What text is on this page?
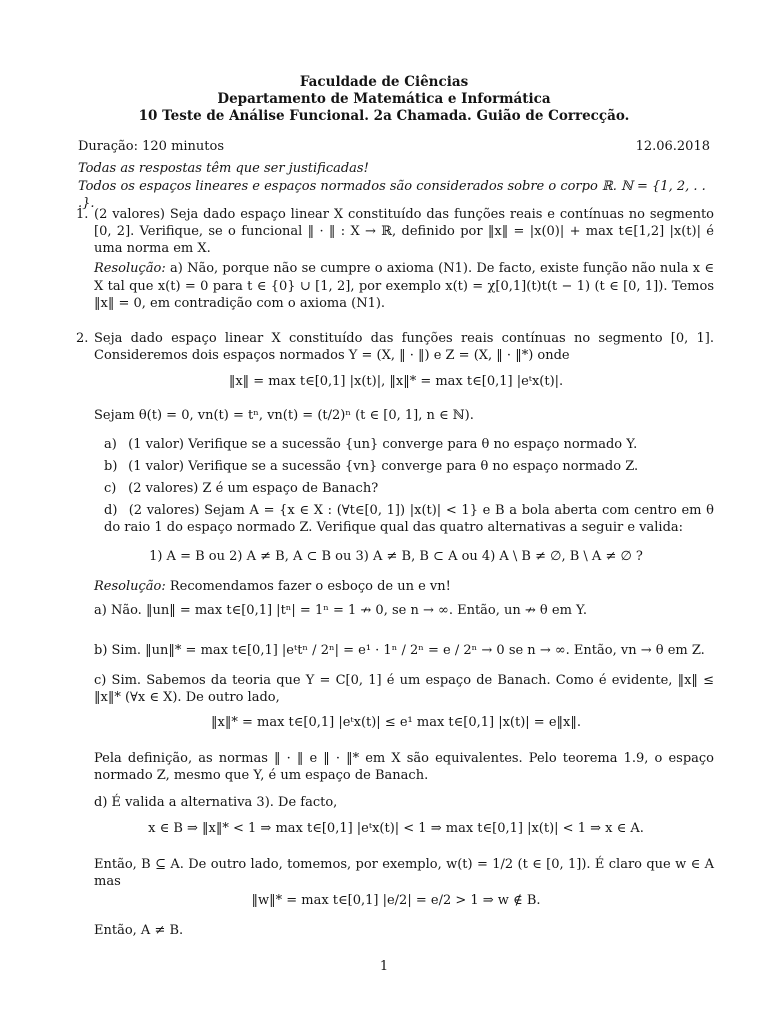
Faculdade de Ciências
Departamento de Matemática e Informática
10 Teste de Análise Funcional. 2a Chamada. Guião de Correcção.
Duração: 120 minutos	12.06.2018
Todas as respostas têm que ser justificadas!
Todos os espaços lineares e espaços normados são considerados sobre o corpo ℝ. ℕ = {1, 2, . . .}.
1. (2 valores) Seja dado espaço linear X constituído das funções reais e contínuas no segmento [0, 2]. Verifique, se o funcional ‖ · ‖ : X → ℝ, definido por ‖x‖ = |x(0)| + max t∈[1,2] |x(t)| é uma norma em X.
Resolução: a) Não, porque não se cumpre o axioma (N1). De facto, existe função não nula x ∈ X tal que x(t) = 0 para t ∈ {0} ∪ [1, 2], por exemplo x(t) = χ[0,1](t)t(t − 1) (t ∈ [0, 1]). Temos ‖x‖ = 0, em contradição com o axioma (N1).
2. Seja dado espaço linear X constituído das funções reais contínuas no segmento [0, 1]. Consideremos dois espaços normados Y = (X, ‖ · ‖) e Z = (X, ‖ · ‖*) onde
‖x‖ = max t∈[0,1] |x(t)|, ‖x‖* = max t∈[0,1] |eᵗx(t)|.
Sejam θ(t) = 0, vn(t) = tⁿ, vn(t) = (t/2)ⁿ (t ∈ [0, 1], n ∈ ℕ).
a) (1 valor) Verifique se a sucessão {un} converge para θ no espaço normado Y.
b) (1 valor) Verifique se a sucessão {vn} converge para θ no espaço normado Z.
c) (2 valores) Z é um espaço de Banach?
d) (2 valores) Sejam A = {x ∈ X : (∀t∈[0, 1]) |x(t)| < 1} e B a bola aberta com centro em θ do raio 1 do espaço normado Z. Verifique qual das quatro alternativas a seguir e valida:
1) A = B ou 2) A ≠ B, A ⊂ B ou 3) A ≠ B, B ⊂ A ou 4) A \ B ≠ ∅, B \ A ≠ ∅ ?
Resolução: Recomendamos fazer o esboço de un e vn!
a) Não. ‖un‖ = max t∈[0,1] |tⁿ| = 1ⁿ = 1 ↛ 0, se n → ∞. Então, un ↛ θ em Y.
b) Sim. ‖un‖* = max t∈[0,1] |eᵗtⁿ / 2ⁿ| = e¹ · 1ⁿ / 2ⁿ = e / 2ⁿ → 0 se n → ∞. Então, vn → θ em Z.
c) Sim. Sabemos da teoria que Y = C[0, 1] é um espaço de Banach. Como é evidente, ‖x‖ ≤ ‖x‖* (∀x ∈ X). De outro lado,
‖x‖* = max t∈[0,1] |eᵗx(t)| ≤ e¹ max t∈[0,1] |x(t)| = e‖x‖.
Pela definição, as normas ‖ · ‖ e ‖ · ‖* em X são equivalentes. Pelo teorema 1.9, o espaço normado Z, mesmo que Y, é um espaço de Banach.
d) É valida a alternativa 3). De facto,
x ∈ B ⇒ ‖x‖* < 1 ⇒ max t∈[0,1] |eᵗx(t)| < 1 ⇒ max t∈[0,1] |x(t)| < 1 ⇒ x ∈ A.
Então, B ⊆ A. De outro lado, tomemos, por exemplo, w(t) = 1/2 (t ∈ [0, 1]). É claro que w ∈ A mas
‖w‖* = max t∈[0,1] |e/2| = e/2 > 1 ⇒ w ∉ B.
Então, A ≠ B.
1
